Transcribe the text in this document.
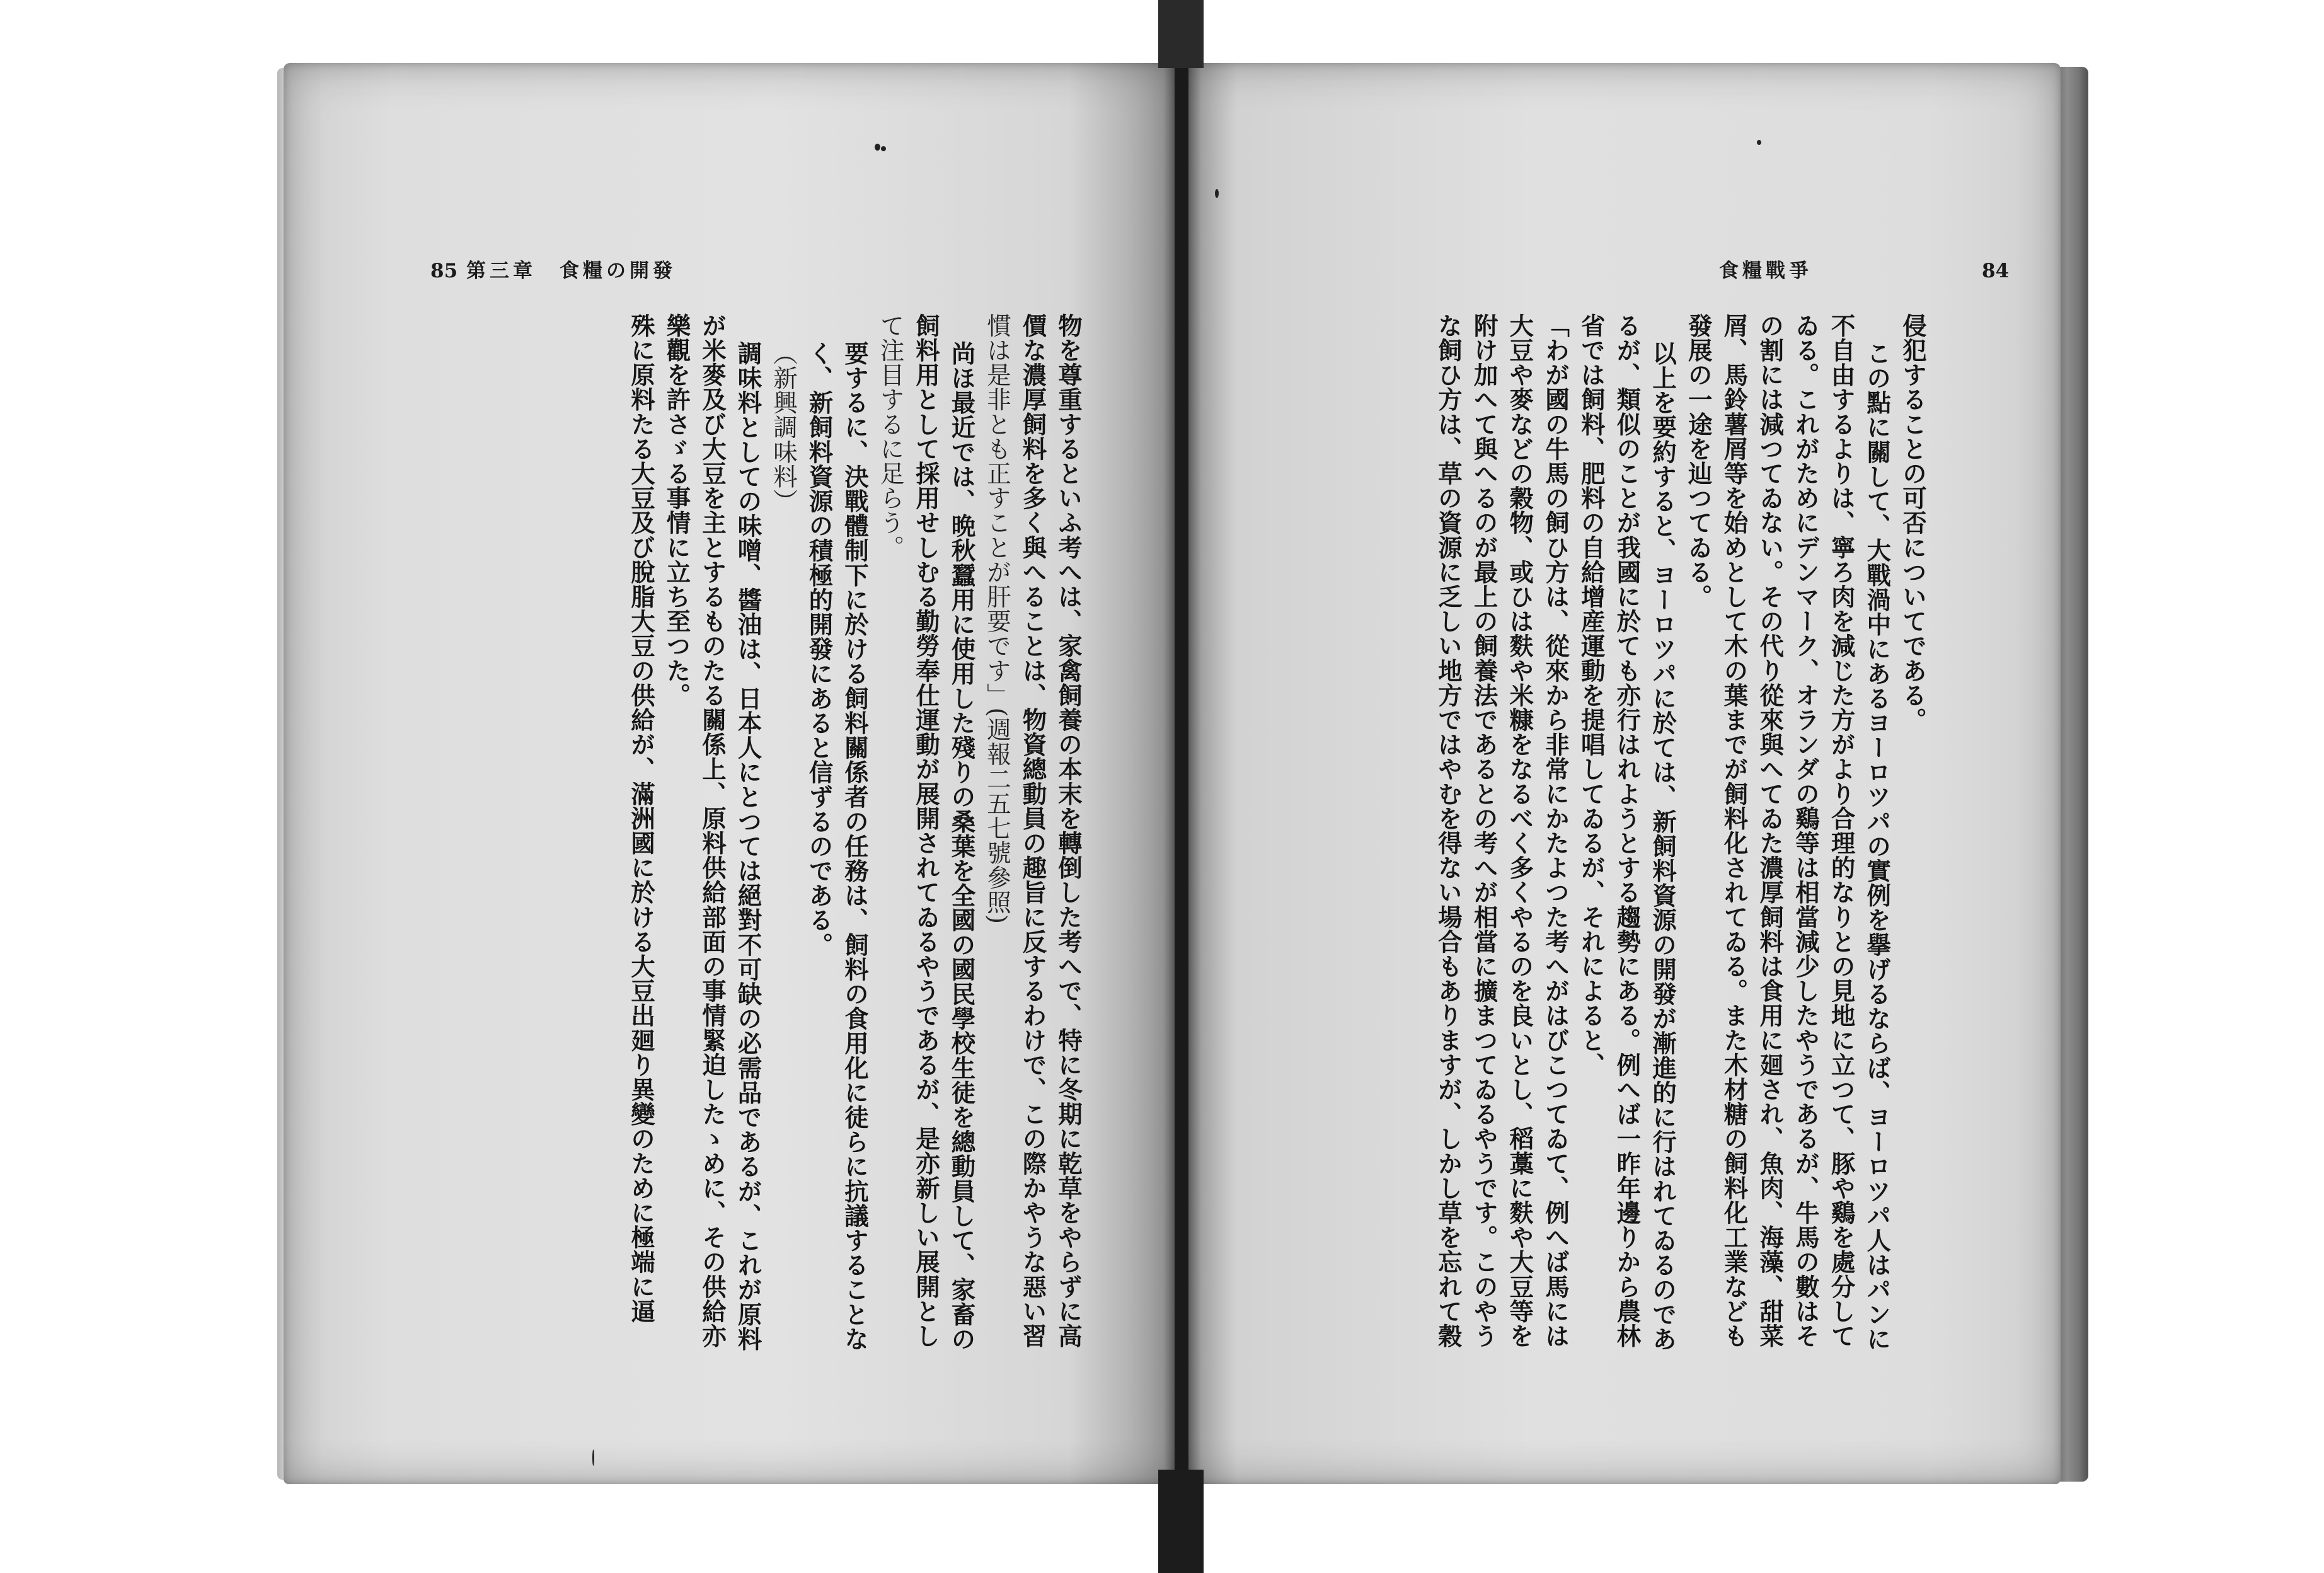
85 第三章　食糧の開發	食糧戰爭	84
物を尊重するといふ考へは、家禽飼養の本末を轉倒した考へで、特に冬期に乾草をやらずに高
價な濃厚飼料を多く與へることは、物資總動員の趣旨に反するわけで、この際かやうな惡い習
慣は是非とも正すことが肝要です」(週報二五七號參照)
尚ほ最近では、晩秋蠶用に使用した殘りの桑葉を全國の國民學校生徒を總動員して、家畜の
飼料用として採用せしむる勤勞奉仕運動が展開されてゐるやうであるが、是亦新しい展開とし
て注目するに足らう。
要するに、決戰體制下に於ける飼料關係者の任務は、飼料の食用化に徒らに抗議することな
く、新飼料資源の積極的開發にあると信ずるのである。
（新興調味料）
調味料としての味噌、醬油は、日本人にとつては絕對不可缺の必需品であるが、これが原料
が米麥及び大豆を主とするものたる關係上、原料供給部面の事情緊迫したゝめに、その供給亦
樂觀を許さゞる事情に立ち至つた。
殊に原料たる大豆及び脫脂大豆の供給が、滿洲國に於ける大豆出廻り異變のために極端に逼	侵犯することの可否についてである。
この點に關して、大戰渦中にあるヨーロツパの實例を擧げるならば、ヨーロツパ人はパンに
不自由するよりは、寧ろ肉を減じた方がより合理的なりとの見地に立つて、豚や鷄を處分して
ゐる。これがためにデンマーク、オランダの鷄等は相當減少したやうであるが、牛馬の數はそ
の割には減つてゐない。その代り從來與へてゐた濃厚飼料は食用に廻され、魚肉、海藻、甜菜
屑、馬鈴薯屑等を始めとして木の葉までが飼料化されてゐる。また木材糖の飼料化工業なども
發展の一途を辿つてゐる。
以上を要約すると、ヨーロツパに於ては、新飼料資源の開發が漸進的に行はれてゐるのであ
るが、類似のことが我國に於ても亦行はれようとする趨勢にある。例へば一昨年邊りから農林
省では飼料、肥料の自給增産運動を提唱してゐるが、それによると、
「わが國の牛馬の飼ひ方は、從來から非常にかたよつた考へがはびこつてゐて、例へば馬には
大豆や麥などの穀物、或ひは麩や米糠をなるべく多くやるのを良いとし、稻藁に麩や大豆等を
附け加へて與へるのが最上の飼養法であるとの考へが相當に擴まつてゐるやうです。このやう
な飼ひ方は、草の資源に乏しい地方ではやむを得ない場合もありますが、しかし草を忘れて穀
